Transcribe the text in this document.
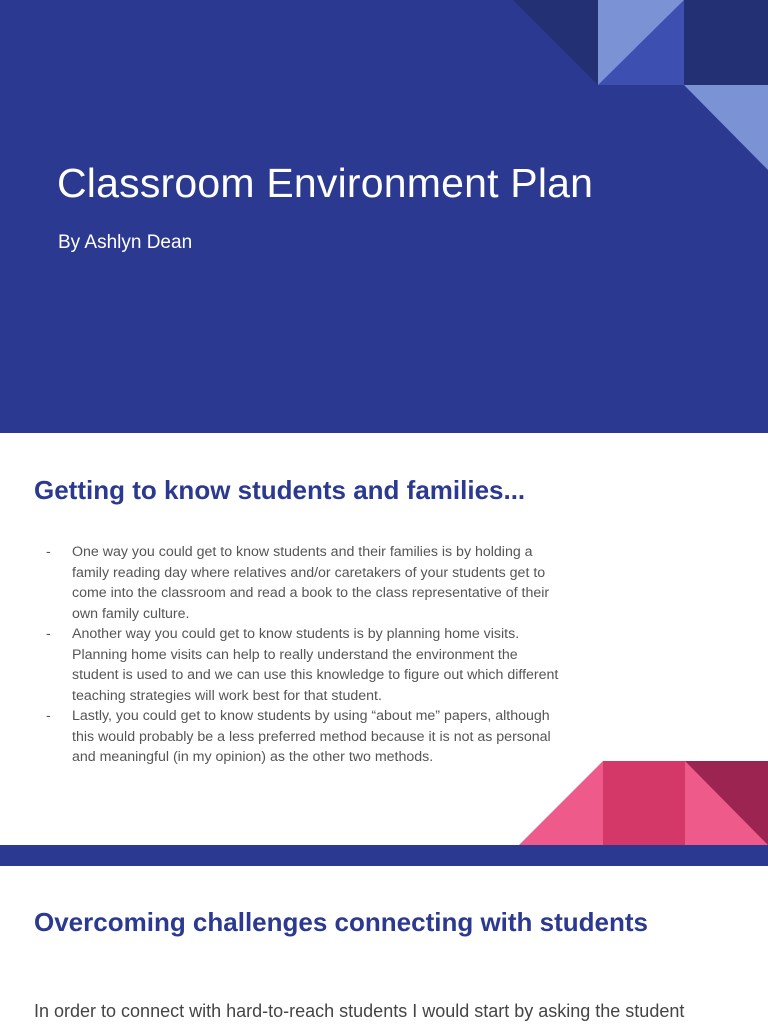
Classroom Environment Plan
By Ashlyn Dean
Getting to know students and families...
- One way you could get to know students and their families is by holding a family reading day where relatives and/or caretakers of your students get to come into the classroom and read a book to the class representative of their own family culture.
- Another way you could get to know students is by planning home visits. Planning home visits can help to really understand the environment the student is used to and we can use this knowledge to figure out which different teaching strategies will work best for that student.
- Lastly, you could get to know students by using “about me” papers, although this would probably be a less preferred method because it is not as personal and meaningful (in my opinion) as the other two methods.
Overcoming challenges connecting with students

In order to connect with hard-to-reach students I would start by asking the student
